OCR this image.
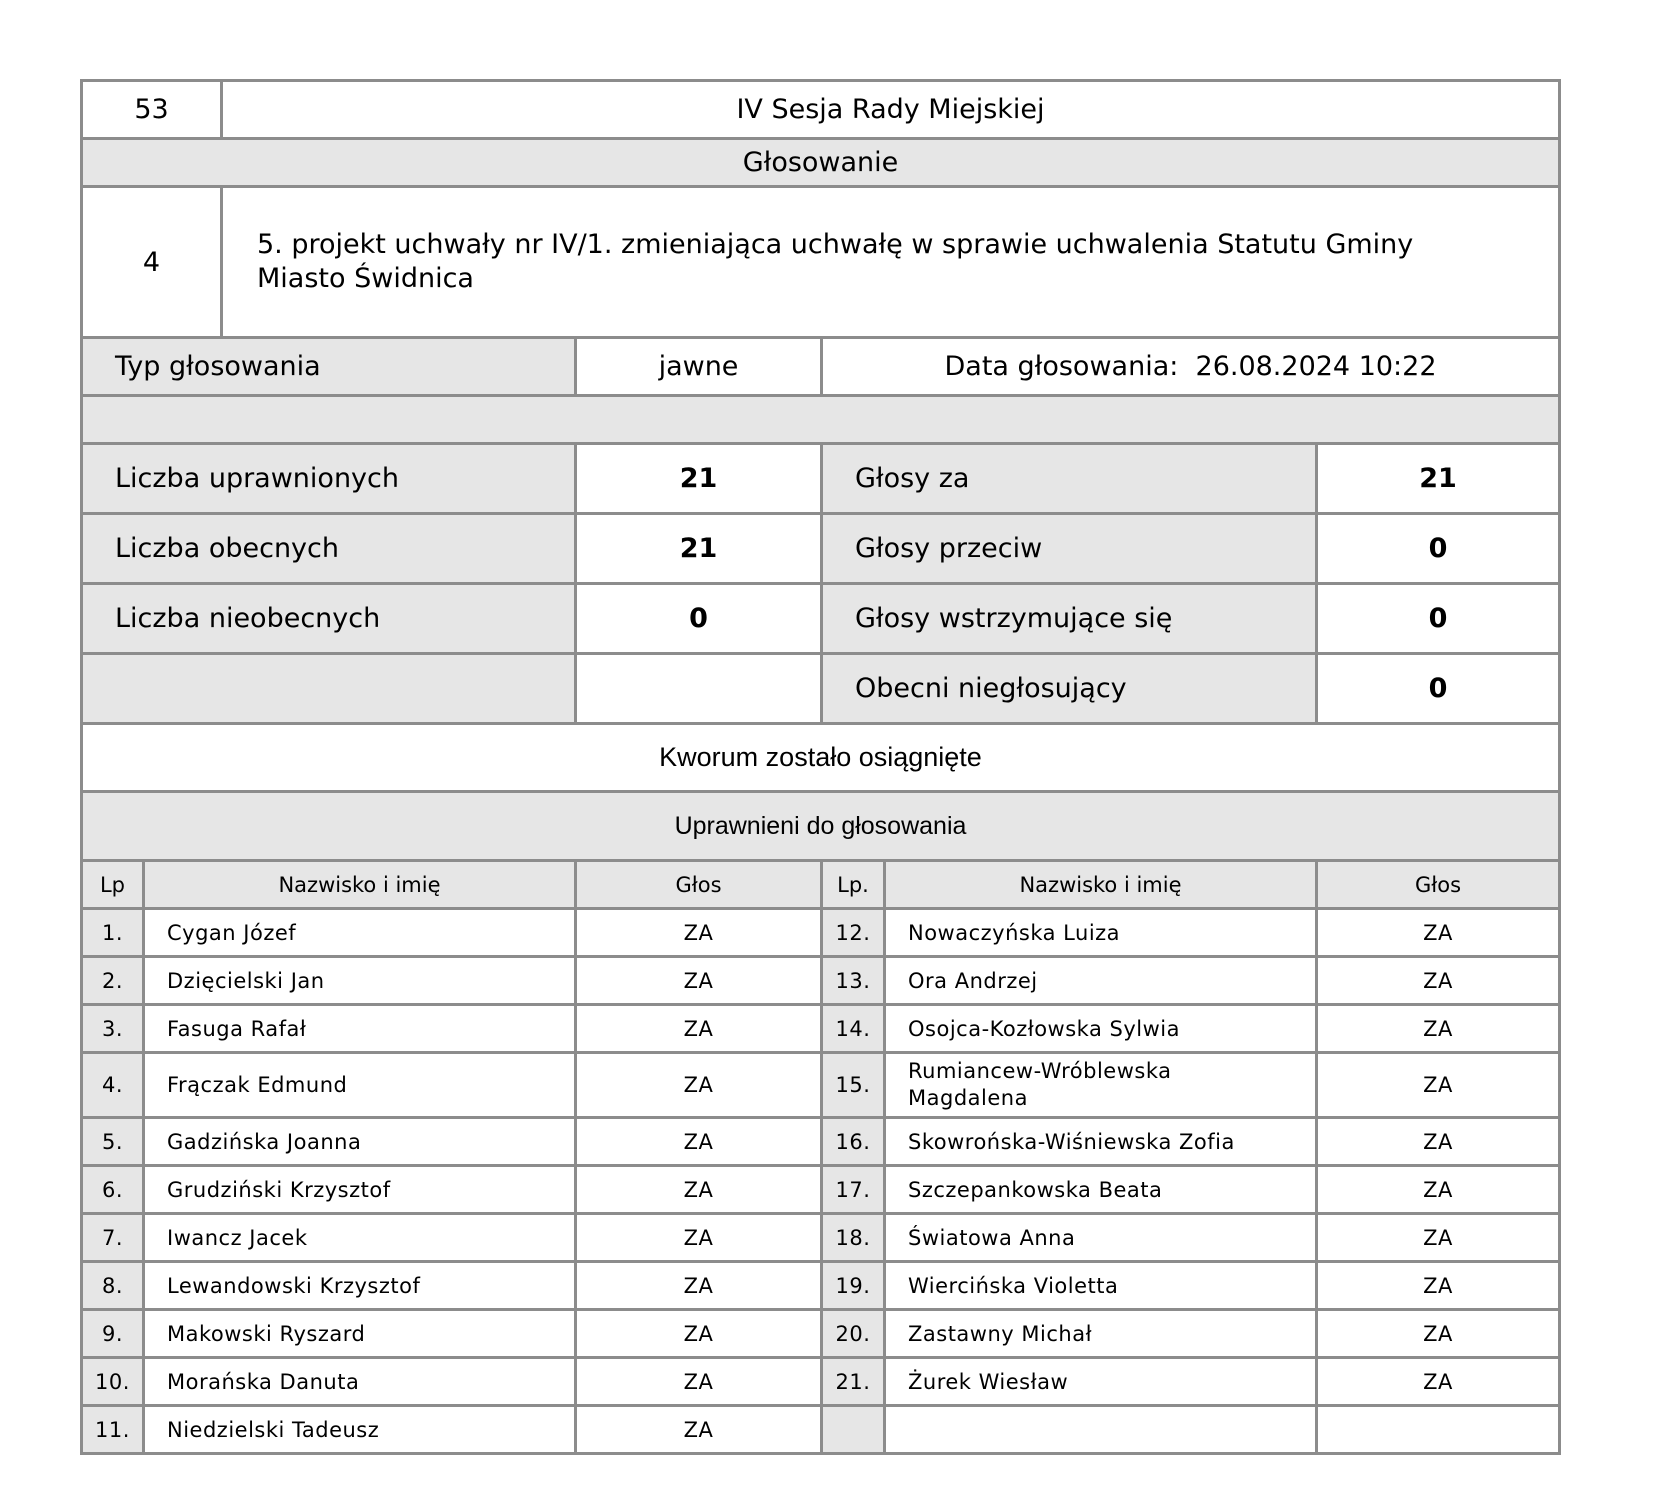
53	IV Sesja Rady Miejskiej
Głosowanie
4	5. projekt uchwały nr IV/1. zmieniająca uchwałę w sprawie uchwalenia Statutu Gminy Miasto Świdnica
Typ głosowania	jawne	Data głosowania: 26.08.2024 10:22
Liczba uprawnionych	21	Głosy za	21
Liczba obecnych	21	Głosy przeciw	0
Liczba nieobecnych	0	Głosy wstrzymujące się	0
		Obecni niegłosujący	0
Kworum zostało osiągnięte
Uprawnieni do głosowania
Lp	Nazwisko i imię	Głos	Lp.	Nazwisko i imię	Głos
1.	Cygan Józef	ZA	12.	Nowaczyńska Luiza	ZA
2.	Dzięcielski Jan	ZA	13.	Ora Andrzej	ZA
3.	Fasuga Rafał	ZA	14.	Osojca-Kozłowska Sylwia	ZA
4.	Frączak Edmund	ZA	15.	Rumiancew-Wróblewska Magdalena	ZA
5.	Gadzińska Joanna	ZA	16.	Skowrońska-Wiśniewska Zofia	ZA
6.	Grudziński Krzysztof	ZA	17.	Szczepankowska Beata	ZA
7.	Iwancz Jacek	ZA	18.	Światowa Anna	ZA
8.	Lewandowski Krzysztof	ZA	19.	Wiercińska Violetta	ZA
9.	Makowski Ryszard	ZA	20.	Zastawny Michał	ZA
10.	Morańska Danuta	ZA	21.	Żurek Wiesław	ZA
11.	Niedzielski Tadeusz	ZA			
